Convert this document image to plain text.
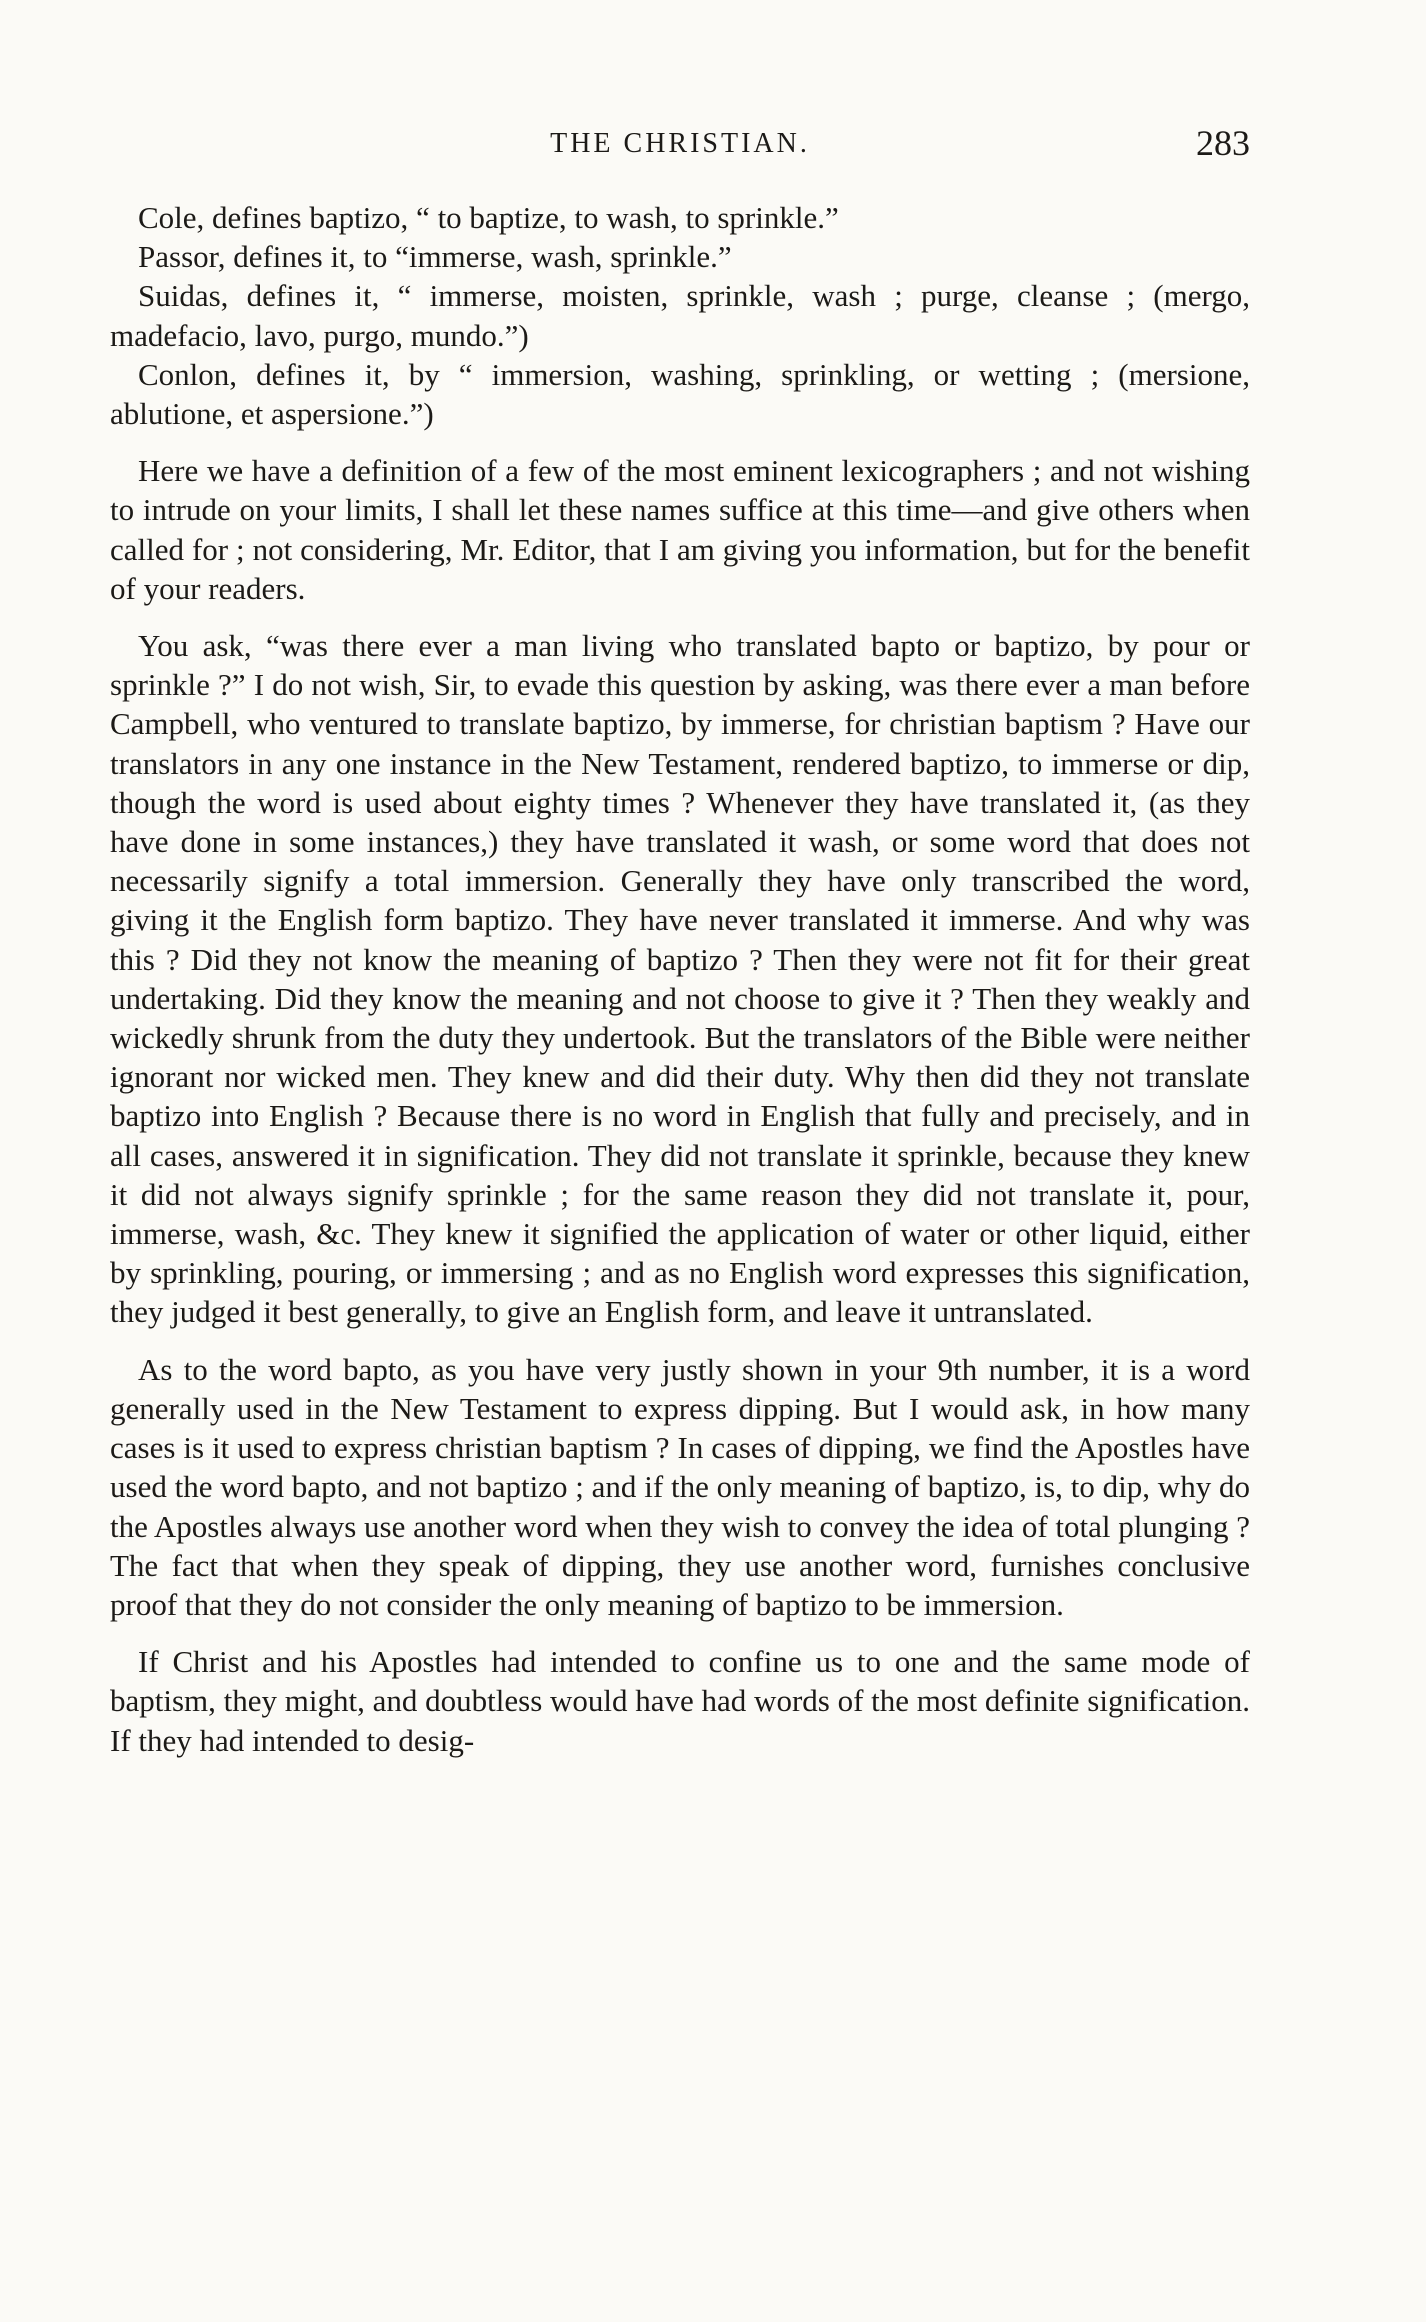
THE CHRISTIAN.	283

Cole, defines baptizo, “ to baptize, to wash, to sprinkle.”

Passor, defines it, to “immerse, wash, sprinkle.”

Suidas, defines it, “ immerse, moisten, sprinkle, wash ; purge, cleanse ; (mergo, madefacio, lavo, purgo, mundo.”)

Conlon, defines it, by “ immersion, washing, sprinkling, or wetting ; (mersione, ablutione, et aspersione.”)

Here we have a definition of a few of the most eminent lexicographers ; and not wishing to intrude on your limits, I shall let these names suffice at this time—and give others when called for ; not considering, Mr. Editor, that I am giving you information, but for the benefit of your readers.

You ask, “was there ever a man living who translated bapto or baptizo, by pour or sprinkle ?” I do not wish, Sir, to evade this question by asking, was there ever a man before Campbell, who ventured to translate baptizo, by immerse, for christian baptism ? Have our translators in any one instance in the New Testament, rendered baptizo, to immerse or dip, though the word is used about eighty times ? Whenever they have translated it, (as they have done in some instances,) they have translated it wash, or some word that does not necessarily signify a total immersion. Generally they have only transcribed the word, giving it the English form baptizo. They have never translated it immerse. And why was this ? Did they not know the meaning of baptizo ? Then they were not fit for their great undertaking. Did they know the meaning and not choose to give it ? Then they weakly and wickedly shrunk from the duty they undertook. But the translators of the Bible were neither ignorant nor wicked men. They knew and did their duty. Why then did they not translate baptizo into English ? Because there is no word in English that fully and precisely, and in all cases, answered it in signification. They did not translate it sprinkle, because they knew it did not always signify sprinkle ; for the same reason they did not translate it, pour, immerse, wash, &c. They knew it signified the application of water or other liquid, either by sprinkling, pouring, or immersing ; and as no English word expresses this signification, they judged it best generally, to give an English form, and leave it untranslated.

As to the word bapto, as you have very justly shown in your 9th number, it is a word generally used in the New Testament to express dipping. But I would ask, in how many cases is it used to express christian baptism ? In cases of dipping, we find the Apostles have used the word bapto, and not baptizo ; and if the only meaning of baptizo, is, to dip, why do the Apostles always use another word when they wish to convey the idea of total plunging ? The fact that when they speak of dipping, they use another word, furnishes conclusive proof that they do not consider the only meaning of baptizo to be immersion.

If Christ and his Apostles had intended to confine us to one and the same mode of baptism, they might, and doubtless would have had words of the most definite signification. If they had intended to desig-
